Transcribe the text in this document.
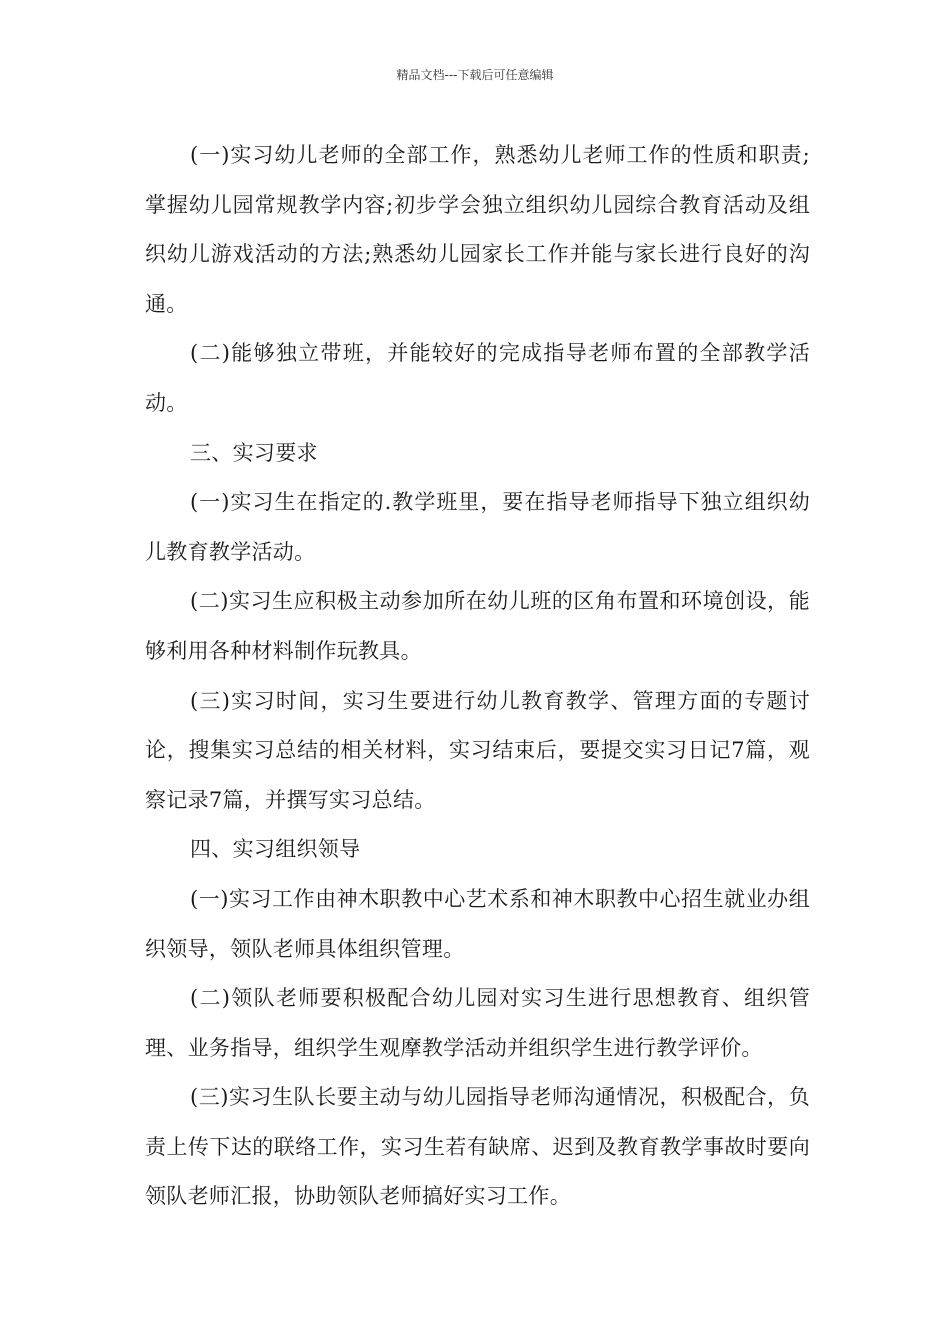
精品文档---下载后可任意编辑

(一)实习幼儿老师的全部工作，熟悉幼儿老师工作的性质和职责;掌握幼儿园常规教学内容;初步学会独立组织幼儿园综合教育活动及组织幼儿游戏活动的方法;熟悉幼儿园家长工作并能与家长进行良好的沟通。

(二)能够独立带班，并能较好的完成指导老师布置的全部教学活动。

三、实习要求

(一)实习生在指定的.教学班里，要在指导老师指导下独立组织幼儿教育教学活动。

(二)实习生应积极主动参加所在幼儿班的区角布置和环境创设，能够利用各种材料制作玩教具。

(三)实习时间，实习生要进行幼儿教育教学、管理方面的专题讨论，搜集实习总结的相关材料，实习结束后，要提交实习日记7篇，观察记录7篇，并撰写实习总结。

四、实习组织领导

(一)实习工作由神木职教中心艺术系和神木职教中心招生就业办组织领导，领队老师具体组织管理。

(二)领队老师要积极配合幼儿园对实习生进行思想教育、组织管理、业务指导，组织学生观摩教学活动并组织学生进行教学评价。

(三)实习生队长要主动与幼儿园指导老师沟通情况，积极配合，负责上传下达的联络工作，实习生若有缺席、迟到及教育教学事故时要向领队老师汇报，协助领队老师搞好实习工作。
